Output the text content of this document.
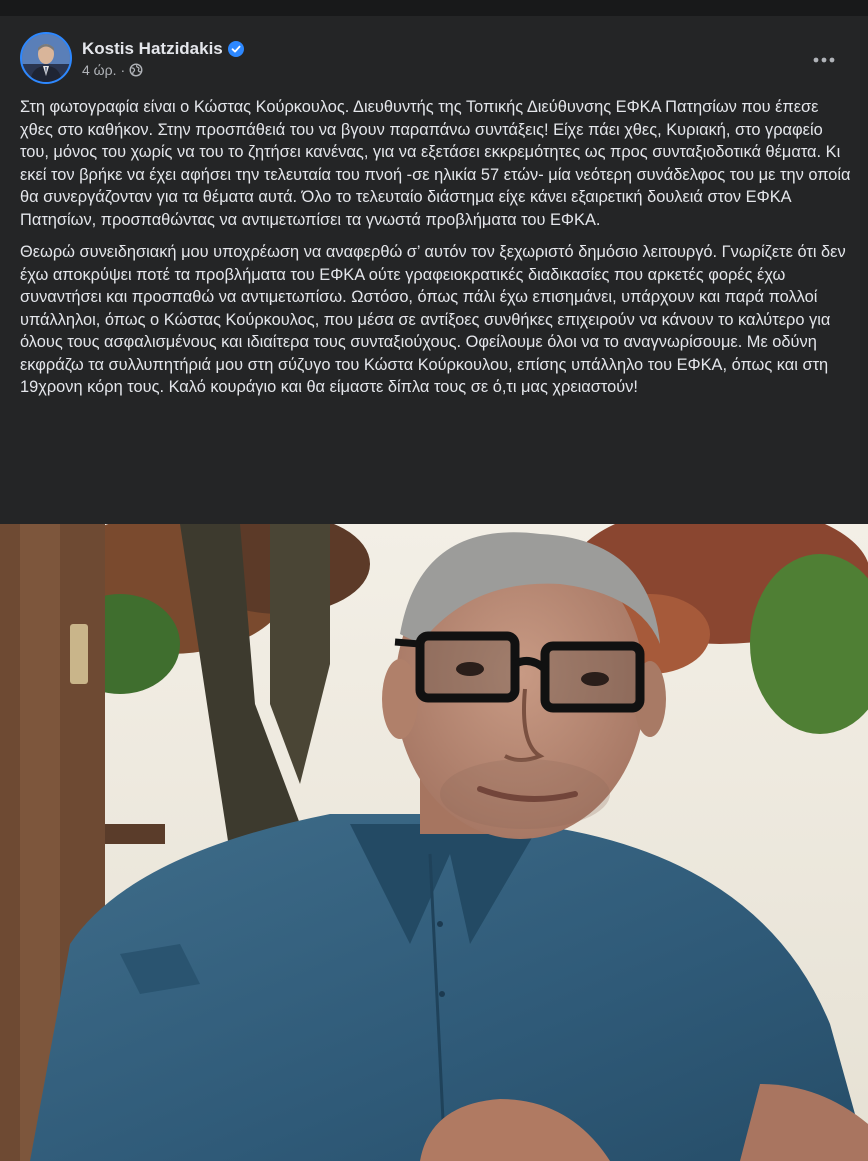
Kostis Hatzidakis
4 ώρ. ·

Στη φωτογραφία είναι ο Κώστας Κούρκουλος. Διευθυντής της Τοπικής Διεύθυνσης ΕΦΚΑ Πατησίων που έπεσε χθες στο καθήκον. Στην προσπάθειά του να βγουν παραπάνω συντάξεις! Είχε πάει χθες, Κυριακή, στο γραφείο του, μόνος του χωρίς να του το ζητήσει κανένας, για να εξετάσει εκκρεμότητες ως προς συνταξιοδοτικά θέματα. Κι εκεί τον βρήκε να έχει αφήσει την τελευταία του πνοή -σε ηλικία 57 ετών- μία νεότερη συνάδελφος του με την οποία θα συνεργάζονταν για τα θέματα αυτά. Όλο το τελευταίο διάστημα είχε κάνει εξαιρετική δουλειά στον ΕΦΚΑ Πατησίων, προσπαθώντας να αντιμετωπίσει τα γνωστά προβλήματα του ΕΦΚΑ.

Θεωρώ συνειδησιακή μου υποχρέωση να αναφερθώ σ’ αυτόν τον ξεχωριστό δημόσιο λειτουργό. Γνωρίζετε ότι δεν έχω αποκρύψει ποτέ τα προβλήματα του ΕΦΚΑ ούτε γραφειοκρατικές διαδικασίες που αρκετές φορές έχω συναντήσει και προσπαθώ να αντιμετωπίσω. Ωστόσο, όπως πάλι έχω επισημάνει, υπάρχουν και παρά πολλοί υπάλληλοι, όπως ο Κώστας Κούρκουλος, που μέσα σε αντίξοες συνθήκες επιχειρούν να κάνουν το καλύτερο για όλους τους ασφαλισμένους και ιδιαίτερα τους συνταξιούχους. Οφείλουμε όλοι να το αναγνωρίσουμε. Με οδύνη εκφράζω τα συλλυπητήριά μου στη σύζυγο του Κώστα Κούρκουλου, επίσης υπάλληλο του ΕΦΚΑ, όπως και στη 19χρονη κόρη τους. Καλό κουράγιο και θα είμαστε δίπλα τους σε ό,τι μας χρειαστούν!
